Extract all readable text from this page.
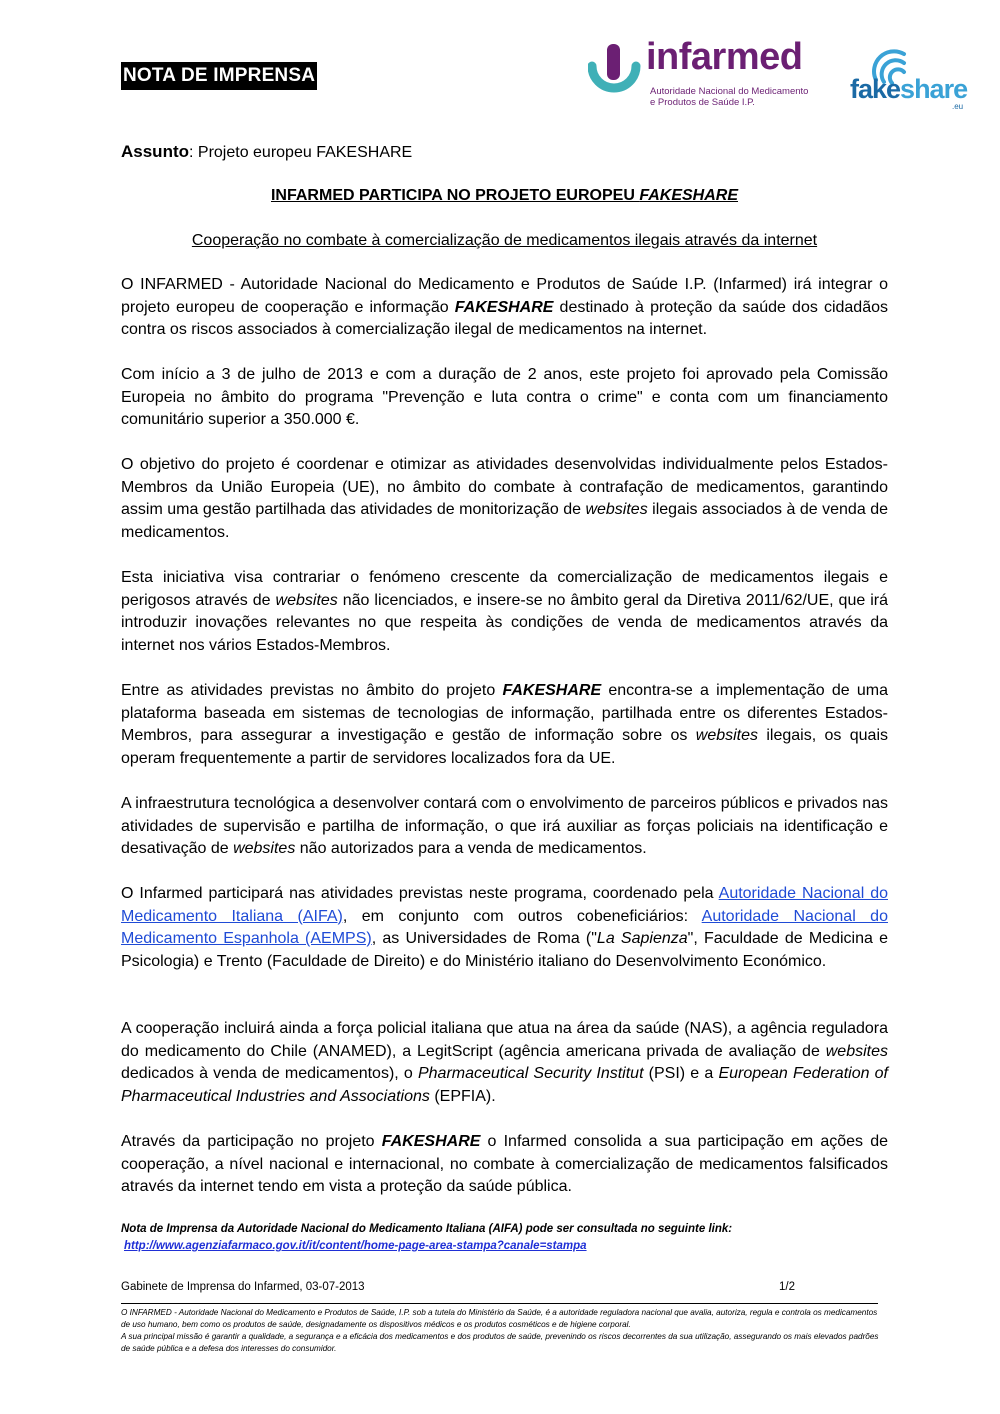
NOTA DE IMPRENSA	infarmed
Autoridade Nacional do Medicamento
e Produtos de Saúde I.P.	fakeshare
.eu
Assunto: Projeto europeu FAKESHARE
INFARMED PARTICIPA NO PROJETO EUROPEU FAKESHARE
Cooperação no combate à comercialização de medicamentos ilegais através da internet
O INFARMED - Autoridade Nacional do Medicamento e Produtos de Saúde I.P. (Infarmed) irá integrar o projeto europeu de cooperação e informação FAKESHARE destinado à proteção da saúde dos cidadãos contra os riscos associados à comercialização ilegal de medicamentos na internet.
Com início a 3 de julho de 2013 e com a duração de 2 anos, este projeto foi aprovado pela Comissão Europeia no âmbito do programa "Prevenção e luta contra o crime" e conta com um financiamento comunitário superior a 350.000 €.
O objetivo do projeto é coordenar e otimizar as atividades desenvolvidas individualmente pelos Estados-Membros da União Europeia (UE), no âmbito do combate à contrafação de medicamentos, garantindo assim uma gestão partilhada das atividades de monitorização de websites ilegais associados à de venda de medicamentos.
Esta iniciativa visa contrariar o fenómeno crescente da comercialização de medicamentos ilegais e perigosos através de websites não licenciados, e insere-se no âmbito geral da Diretiva 2011/62/UE, que irá introduzir inovações relevantes no que respeita às condições de venda de medicamentos através da internet nos vários Estados-Membros.
Entre as atividades previstas no âmbito do projeto FAKESHARE encontra-se a implementação de uma plataforma baseada em sistemas de tecnologias de informação, partilhada entre os diferentes Estados-Membros, para assegurar a investigação e gestão de informação sobre os websites ilegais, os quais operam frequentemente a partir de servidores localizados fora da UE.
A infraestrutura tecnológica a desenvolver contará com o envolvimento de parceiros públicos e privados nas atividades de supervisão e partilha de informação, o que irá auxiliar as forças policiais na identificação e desativação de websites não autorizados para a venda de medicamentos.
O Infarmed participará nas atividades previstas neste programa, coordenado pela Autoridade Nacional do Medicamento Italiana (AIFA), em conjunto com outros cobeneficiários: Autoridade Nacional do Medicamento Espanhola (AEMPS), as Universidades de Roma ("La Sapienza", Faculdade de Medicina e Psicologia) e Trento (Faculdade de Direito) e do Ministério italiano do Desenvolvimento Económico.
A cooperação incluirá ainda a força policial italiana que atua na área da saúde (NAS), a agência reguladora do medicamento do Chile (ANAMED), a LegitScript (agência americana privada de avaliação de websites dedicados à venda de medicamentos), o Pharmaceutical Security Institut (PSI) e a European Federation of Pharmaceutical Industries and Associations (EPFIA).
Através da participação no projeto FAKESHARE o Infarmed consolida a sua participação em ações de cooperação, a nível nacional e internacional, no combate à comercialização de medicamentos falsificados através da internet tendo em vista a proteção da saúde pública.
Nota de Imprensa da Autoridade Nacional do Medicamento Italiana (AIFA) pode ser consultada no seguinte link:
http://www.agenziafarmaco.gov.it/it/content/home-page-area-stampa?canale=stampa
Gabinete de Imprensa do Infarmed, 03-07-2013	1/2
O INFARMED - Autoridade Nacional do Medicamento e Produtos de Saúde, I.P. sob a tutela do Ministério da Saúde, é a autoridade reguladora nacional que avalia, autoriza, regula e controla os medicamentos de uso humano, bem como os produtos de saúde, designadamente os dispositivos médicos e os produtos cosméticos e de higiene corporal.
A sua principal missão é garantir a qualidade, a segurança e a eficácia dos medicamentos e dos produtos de saúde, prevenindo os riscos decorrentes da sua utilização, assegurando os mais elevados padrões de saúde pública e a defesa dos interesses do consumidor.
